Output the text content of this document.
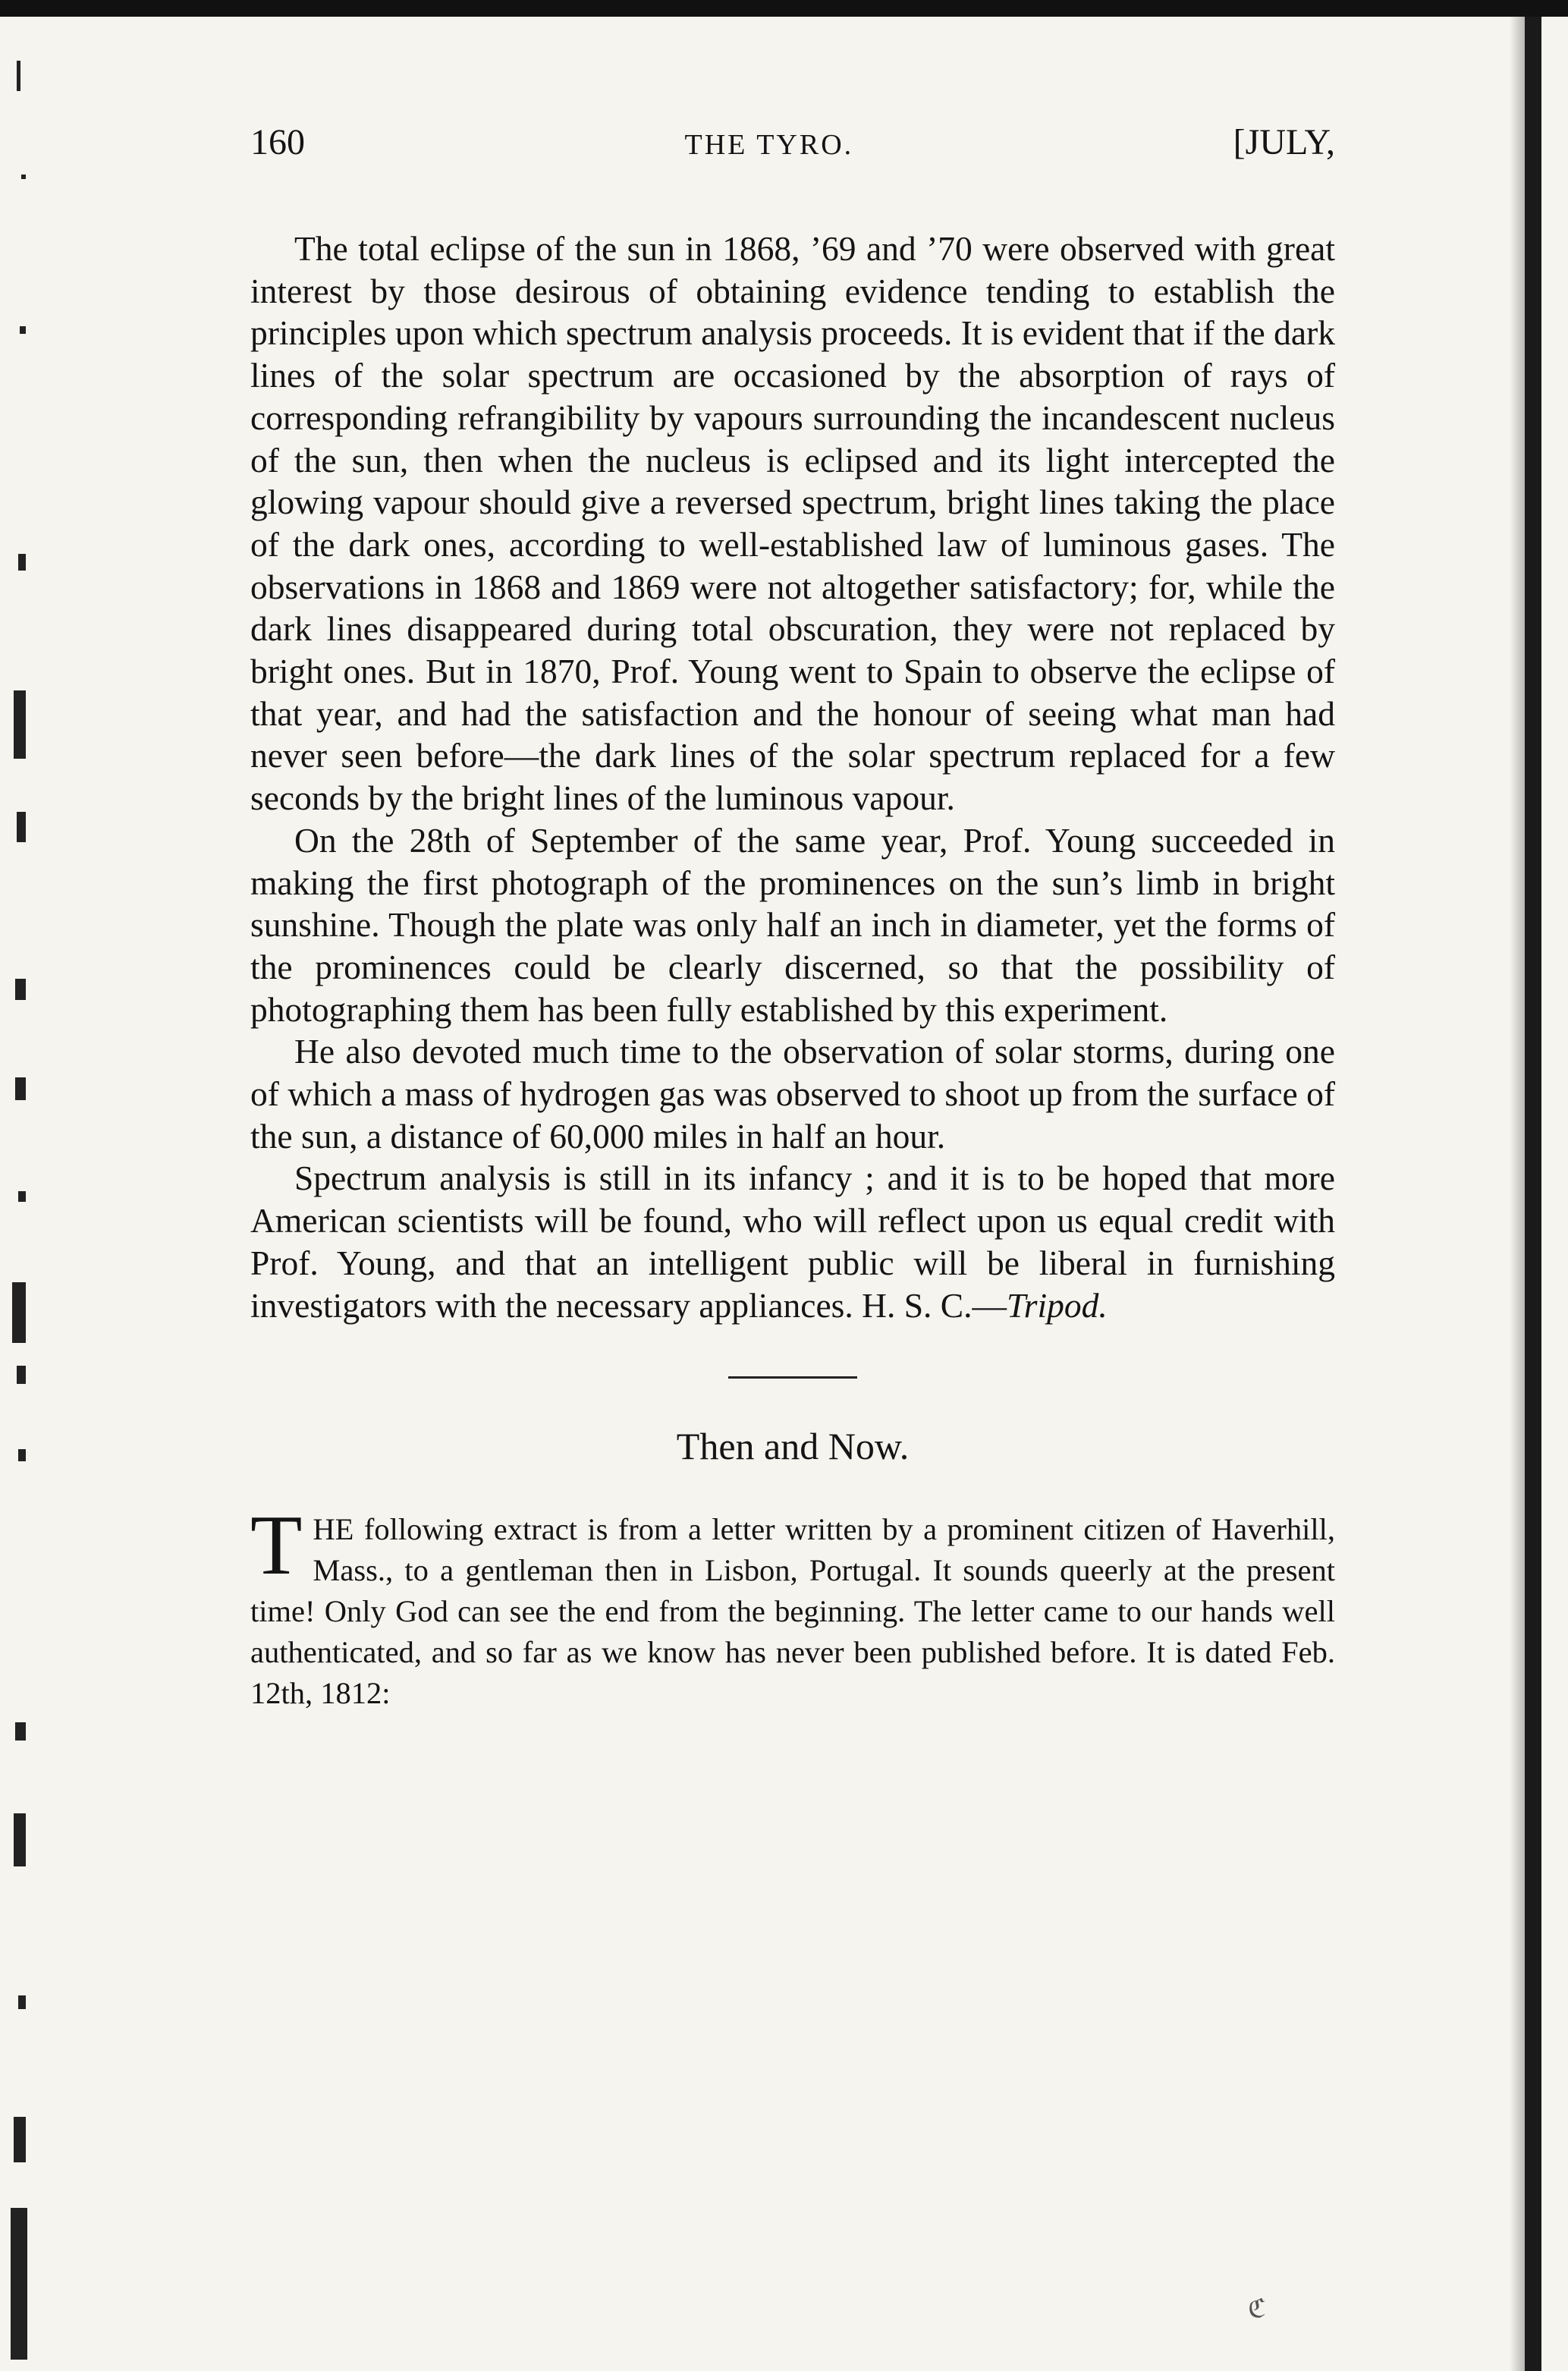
160	THE TYRO.	[JULY,

The total eclipse of the sun in 1868, ’69 and ’70 were observed with great interest by those desirous of obtaining evidence tending to establish the principles upon which spectrum analysis proceeds. It is evident that if the dark lines of the solar spectrum are occasioned by the absorption of rays of corresponding refrangibility by vapours surrounding the incandescent nucleus of the sun, then when the nucleus is eclipsed and its light intercepted the glowing vapour should give a reversed spectrum, bright lines taking the place of the dark ones, according to well-established law of luminous gases. The observations in 1868 and 1869 were not altogether satisfactory; for, while the dark lines disappeared during total obscuration, they were not replaced by bright ones. But in 1870, Prof. Young went to Spain to observe the eclipse of that year, and had the satisfaction and the honour of seeing what man had never seen before—the dark lines of the solar spectrum replaced for a few seconds by the bright lines of the luminous vapour.

On the 28th of September of the same year, Prof. Young succeeded in making the first photograph of the prominences on the sun’s limb in bright sunshine. Though the plate was only half an inch in diameter, yet the forms of the prominences could be clearly discerned, so that the possibility of photographing them has been fully established by this experiment.

He also devoted much time to the observation of solar storms, during one of which a mass of hydrogen gas was observed to shoot up from the surface of the sun, a distance of 60,000 miles in half an hour.

Spectrum analysis is still in its infancy ; and it is to be hoped that more American scientists will be found, who will reflect upon us equal credit with Prof. Young, and that an intelligent public will be liberal in furnishing investigators with the necessary appliances. H. S. C.—Tripod.

Then and Now.

THE following extract is from a letter written by a prominent citizen of Haverhill, Mass., to a gentleman then in Lisbon, Portugal. It sounds queerly at the present time! Only God can see the end from the beginning. The letter came to our hands well authenticated, and so far as we know has never been published before. It is dated Feb. 12th, 1812:

ℭ
